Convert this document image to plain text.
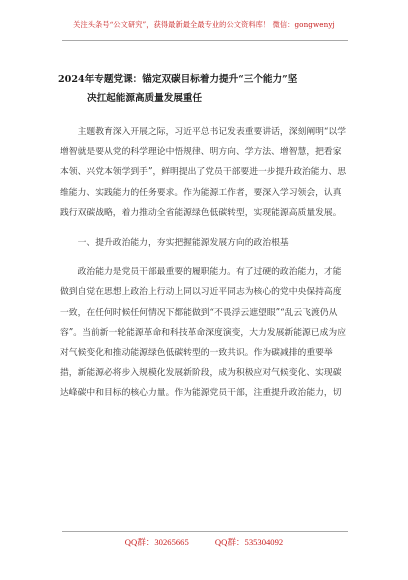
关注头条号“公文研究”，获得最新最全最专业的公文资料库！ 微信：gongwenyj
2024年专题党课：锚定双碳目标着力提升“三个能力”坚
决扛起能源高质量发展重任

主题教育深入开展之际，习近平总书记发表重要讲话，深刻阐明“以学增智就是要从党的科学理论中悟规律、明方向、学方法、增智慧，把看家本领、兴党本领学到手”，鲜明提出了党员干部要进一步提升政治能力、思维能力、实践能力的任务要求。作为能源工作者，要深入学习领会，认真践行双碳战略，着力推动全省能源绿色低碳转型，实现能源高质量发展。

一、提升政治能力，夯实把握能源发展方向的政治根基

政治能力是党员干部最重要的履职能力。有了过硬的政治能力，才能做到自觉在思想上政治上行动上同以习近平同志为核心的党中央保持高度一致，在任何时候任何情况下都能做到“不畏浮云遮望眼”“乱云飞渡仍从容”。当前新一轮能源革命和科技革命深度演变，大力发展新能源已成为应对气候变化和推动能源绿色低碳转型的一致共识。作为碳减排的重要举措，新能源必将步入规模化发展新阶段，成为积极应对气候变化、实现碳达峰碳中和目标的核心力量。作为能源党员干部，注重提升政治能力，切

QQ群：30265665	QQ群：535304092
